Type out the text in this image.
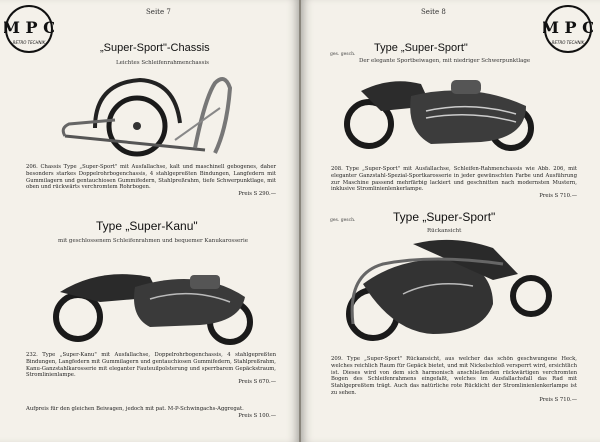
M P C
RETRO TECHNIK
Seite 7
„Super-Sport"-Chassis
Leichtes Schleifenrahmenchassis
206. Chassis Type „Super-Sport" mit Ausfallachse, kalt und maschinell gebogenes, daher besonders starkes Doppelrohrbogenchassis, 4 stahlgepreßten Bindungen, Langfedern mit Gummilagern und gentauchiosen Gummifedern, Stahlpreßrahm, tiefe Schwerpunktlage, mit oben und rückwärts verchromtem Rohrbogen.
Preis S 290.—
Type „Super-Kanu"
mit geschlossenem Schleifenrahmen und bequemer Kanukarosserie
232. Type „Super-Kanu" mit Ausfallachse, Doppelrohrbogenchassis, 4 stahlgepreßten Bindungen, Langfedern mit Gummilagern und gentauchiosen Gummifedern, Stahlpreßrahm, Kanu-Ganzstahlkarosserie mit eleganter Fauteuilpolsterung und sperrbarem Gepäckstraum, Stromlinienlampe.
Preis S 670.—
Aufpreis für den gleichen Beiwagen, jedoch mit pat. M-P-Schwingachs-Aggregat.
Preis S 100.—
Seite 8
M P C
RETRO TECHNIK
ges. gesch.
Type „Super-Sport"
Der elegante Sportbeiwagen, mit niedriger Schwerpunktlage
208. Type „Super-Sport" mit Ausfallachse, Schleifen-Rahmenchassis wie Abb. 206, mit eleganter Ganzstahl-Spezial-Sportkarosserie in jeder gewünschten Farbe und Ausführung zur Maschine passend mehrfärbig lackiert und geschnitten nach modernsten Mustern, inklusive Stromlinienlenkerlampe.
Preis S 710.—
ges. gesch.	Type „Super-Sport"
Rückansicht
209. Type „Super-Sport" Rückansicht, aus welcher das schön geschwungene Heck, welches reichlich Raum für Gepäck bietet, und mit Nickelschloß versperrt wird, ersichtlich ist. Dieses wird von dem sich harmonisch anschließenden rückwärtigen verchromten Bogen des Schleifenrahmens eingefaßt, welches im Ausfallachsfall das Rad mit Stahlgepreßtem trägt. Auch das natürliche rote Rücklicht der Stromlinienlenkerlampe ist zu sehen.
Preis S 710.—
